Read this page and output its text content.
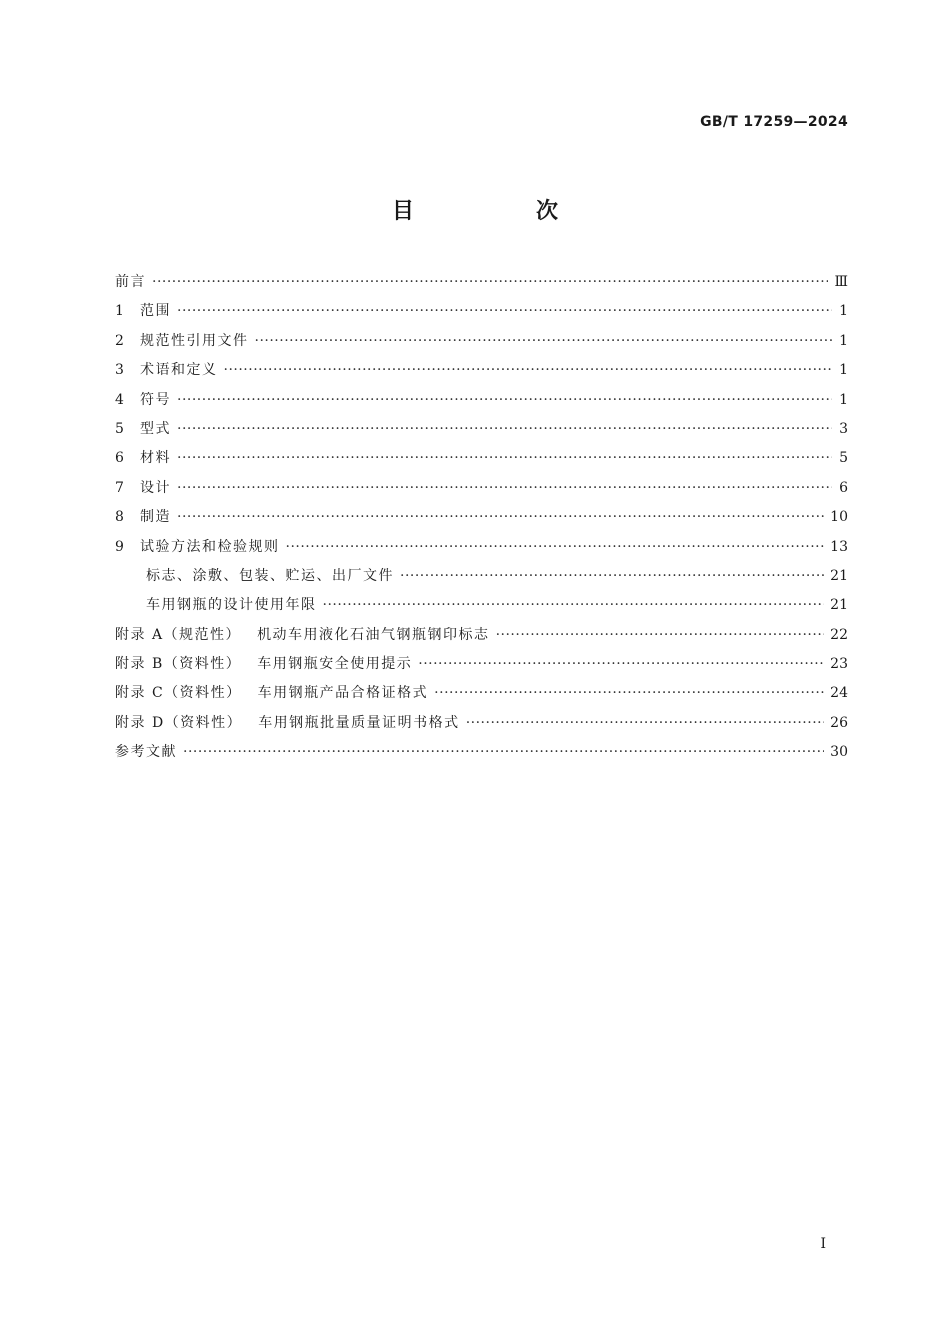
GB/T 17259—2024
目　次
前言 ·····	Ⅲ
1	范围 ·····	1
2	规范性引用文件 ·····	1
3	术语和定义 ·····	1
4	符号 ·····	1
5	型式 ·····	3
6	材料 ·····	5
7	设计 ·····	6
8	制造 ·····	10
9	试验方法和检验规则 ·····	13
标志、涂敷、包装、贮运、出厂文件 ·····	21
车用钢瓶的设计使用年限 ·····	21
附录 A（规范性） 机动车用液化石油气钢瓶钢印标志 ·····	22
附录 B（资料性） 车用钢瓶安全使用提示 ·····	23
附录 C（资料性） 车用钢瓶产品合格证格式 ·····	24
附录 D（资料性） 车用钢瓶批量质量证明书格式 ·····	26
参考文献 ·····	30
Ⅰ
